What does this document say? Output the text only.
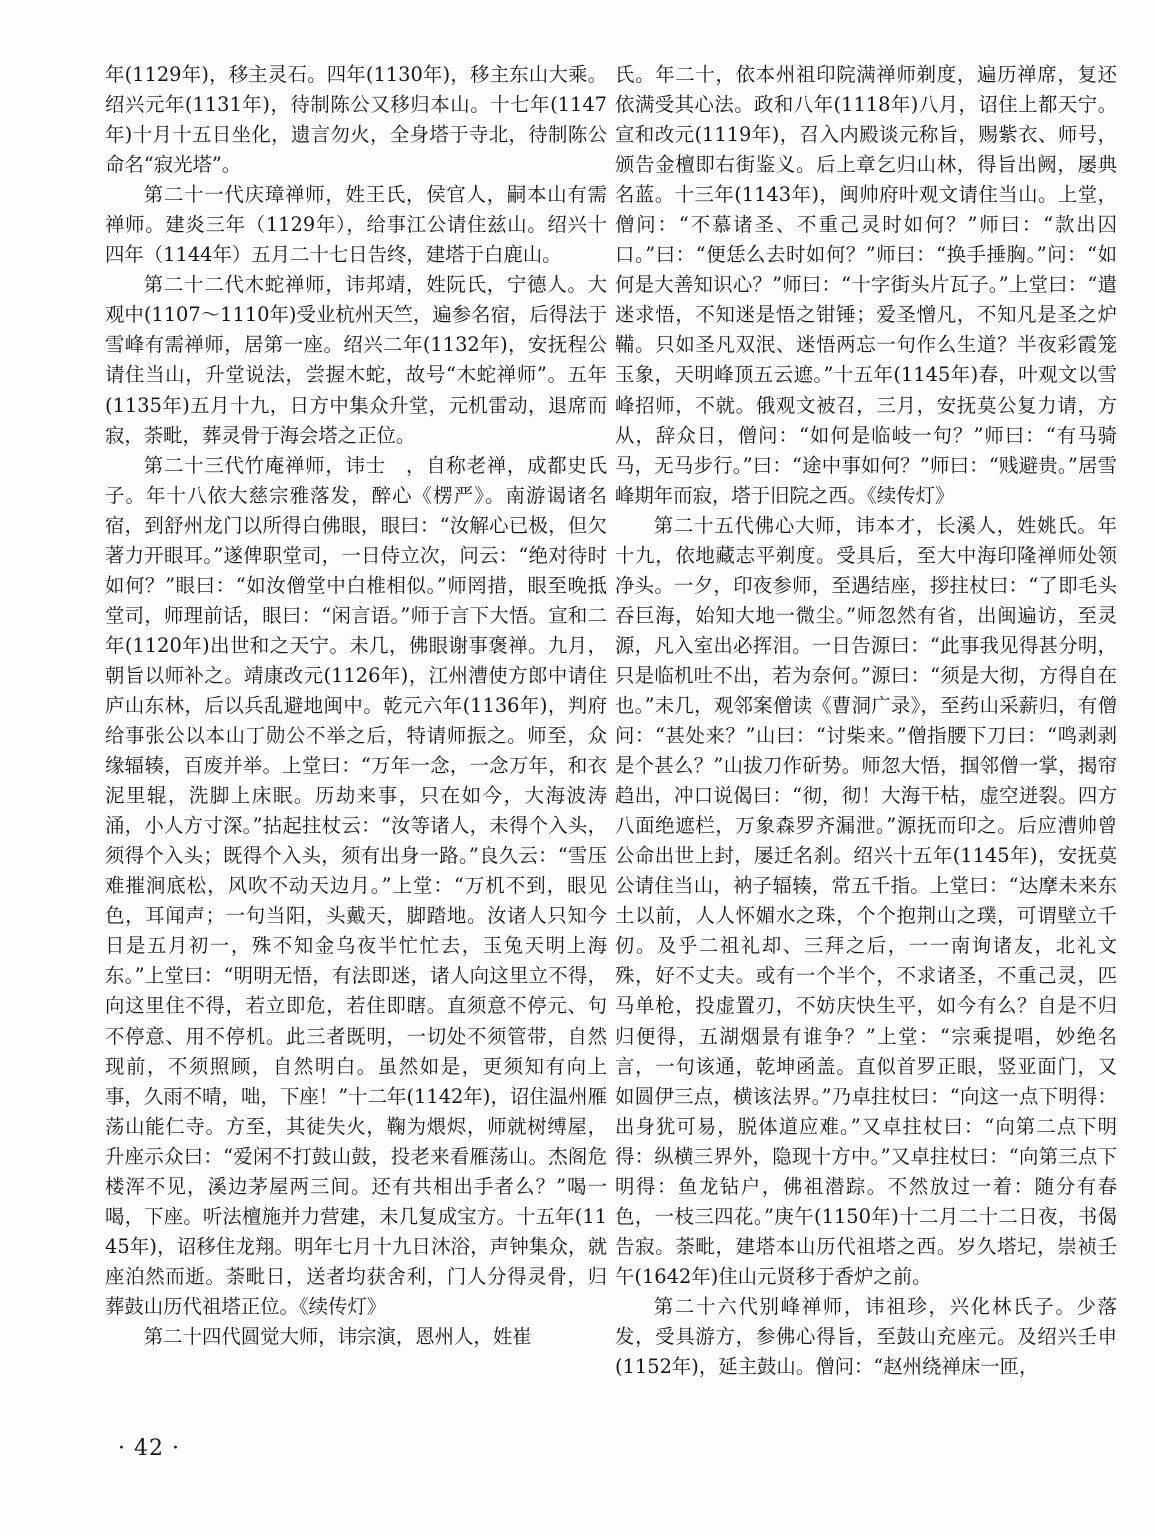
年(1129年)，移主灵石。四年(1130年)，移主东山大乘。绍兴元年(1131年)，待制陈公又移归本山。十七年(1147年)十月十五日坐化，遗言勿火，全身塔于寺北，待制陈公命名“寂光塔”。

第二十一代庆璋禅师，姓王氏，侯官人，嗣本山有需禅师。建炎三年（1129年），给事江公请住兹山。绍兴十四年（1144年）五月二十七日告终，建塔于白鹿山。

第二十二代木蛇禅师，讳邦靖，姓阮氏，宁德人。大观中(1107～1110年)受业杭州天竺，遍参名宿，后得法于雪峰有需禅师，居第一座。绍兴二年(1132年)，安抚程公请住当山，升堂说法，尝握木蛇，故号“木蛇禅师”。五年(1135年)五月十九，日方中集众升堂，元机雷动，退席而寂，荼毗，葬灵骨于海会塔之正位。

第二十三代竹庵禅师，讳士　，自称老禅，成都史氏子。年十八依大慈宗雅落发，醉心《楞严》。南游谒诸名宿，到舒州龙门以所得白佛眼，眼曰：“汝解心已极，但欠著力开眼耳。”遂俾职堂司，一日侍立次，问云：“绝对待时如何？”眼曰：“如汝僧堂中白椎相似。”师罔措，眼至晚抵堂司，师理前话，眼曰：“闲言语。”师于言下大悟。宣和二年(1120年)出世和之天宁。未几，佛眼谢事褒禅。九月，朝旨以师补之。靖康改元(1126年)，江州漕使方郎中请住庐山东林，后以兵乱避地闽中。乾元六年(1136年)，判府给事张公以本山丁勋公不举之后，特请师振之。师至，众缘辐辏，百废并举。上堂曰：“万年一念，一念万年，和衣泥里辊，洗脚上床眠。历劫来事，只在如今，大海波涛涌，小人方寸深。”拈起拄杖云：“汝等诸人，未得个入头，须得个入头；既得个入头，须有出身一路。”良久云：“雪压难摧涧底松，风吹不动天边月。”上堂：“万机不到，眼见色，耳闻声；一句当阳，头戴天，脚踏地。汝诸人只知今日是五月初一，殊不知金乌夜半忙忙去，玉兔天明上海东。”上堂曰：“明明无悟，有法即迷，诸人向这里立不得，向这里住不得，若立即危，若住即瞎。直须意不停元、句不停意、用不停机。此三者既明，一切处不须管带，自然现前，不须照顾，自然明白。虽然如是，更须知有向上事，久雨不晴，咄，下座！”十二年(1142年)，诏住温州雁荡山能仁寺。方至，其徒失火，鞠为煨烬，师就树缚屋，升座示众曰：“爱闲不打鼓山鼓，投老来看雁荡山。杰阁危楼浑不见，溪边茅屋两三间。还有共相出手者么？”喝一喝，下座。听法檀施并力营建，未几复成宝方。十五年(1145年)，诏移住龙翔。明年七月十九日沐浴，声钟集众，就座泊然而逝。荼毗日，送者均获舍利，门人分得灵骨，归葬鼓山历代祖塔正位。《续传灯》

第二十四代圆觉大师，讳宗演，恩州人，姓崔

氏。年二十，依本州祖印院满禅师剃度，遍历禅席，复还依满受其心法。政和八年(1118年)八月，诏住上都天宁。宣和改元(1119年)，召入内殿谈元称旨，赐紫衣、师号，颁告金檀即右街鉴义。后上章乞归山林，得旨出阙，屡典名蓝。十三年(1143年)，闽帅府叶观文请住当山。上堂，僧问：“不慕诸圣、不重己灵时如何？”师曰：“款出囚口。”曰：“便恁么去时如何？”师曰：“换手捶胸。”问：“如何是大善知识心？”师曰：“十字街头片瓦子。”上堂曰：“遣迷求悟，不知迷是悟之钳锤；爱圣憎凡，不知凡是圣之炉鞴。只如圣凡双泯、迷悟两忘一句作么生道？半夜彩霞笼玉象，天明峰顶五云遮。”十五年(1145年)春，叶观文以雪峰招师，不就。俄观文被召，三月，安抚莫公复力请，方从，辞众日，僧问：“如何是临岐一句？”师曰：“有马骑马，无马步行。”曰：“途中事如何？”师曰：“贱避贵。”居雪峰期年而寂，塔于旧院之西。《续传灯》

第二十五代佛心大师，讳本才，长溪人，姓姚氏。年十九，依地藏志平剃度。受具后，至大中海印隆禅师处领净头。一夕，印夜参师，至遇结座，拶拄杖曰：“了即毛头吞巨海，始知大地一微尘。”师忽然有省，出闽遍访，至灵源，凡入室出必挥泪。一日告源曰：“此事我见得甚分明，只是临机吐不出，若为奈何。”源曰：“须是大彻，方得自在也。”未几，观邻案僧读《曹洞广录》，至药山采薪归，有僧问：“甚处来？”山曰：“讨柴来。”僧指腰下刀曰：“鸣剥剥是个甚么？”山拔刀作斫势。师忽大悟，掴邻僧一掌，揭帘趋出，冲口说偈曰：“彻，彻！大海干枯，虚空迸裂。四方八面绝遮栏，万象森罗齐漏泄。”源抚而印之。后应漕帅曾公命出世上封，屡迁名刹。绍兴十五年(1145年)，安抚莫公请住当山，衲子辐辏，常五千指。上堂曰：“达摩未来东土以前，人人怀媚水之珠，个个抱荆山之璞，可谓壁立千仞。及乎二祖礼却、三拜之后，一一南询诸友，北礼文殊，好不丈夫。或有一个半个，不求诸圣，不重己灵，匹马单枪，投虚置刃，不妨庆快生平，如今有么？自是不归归便得，五湖烟景有谁争？”上堂：“宗乘提唱，妙绝名言，一句该通，乾坤函盖。直似首罗正眼，竖亚面门，又如圆伊三点，横该法界。”乃卓拄杖曰：“向这一点下明得：出身犹可易，脱体道应难。”又卓拄杖曰：“向第二点下明得：纵横三界外，隐现十方中。”又卓拄杖曰：“向第三点下明得：鱼龙钻户，佛祖潜踪。不然放过一着：随分有春色，一枝三四花。”庚午(1150年)十二月二十二日夜，书偈告寂。荼毗，建塔本山历代祖塔之西。岁久塔圮，崇祯壬午(1642年)住山元贤移于香炉之前。

第二十六代别峰禅师，讳祖珍，兴化林氏子。少落发，受具游方，参佛心得旨，至鼓山充座元。及绍兴壬申(1152年)，延主鼓山。僧问：“赵州绕禅床一匝，

· 42 ·
